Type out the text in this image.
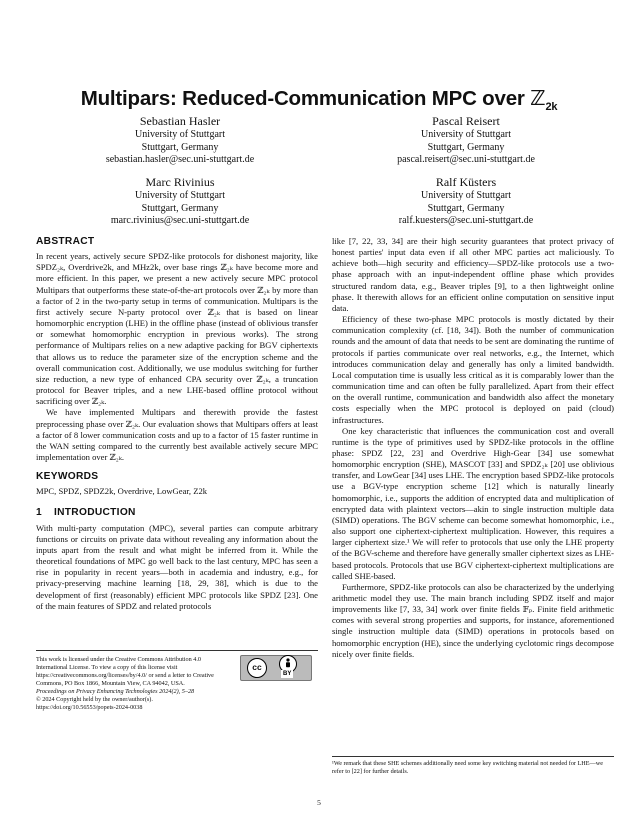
Multipars: Reduced-Communication MPC over ℤ$_{2k}$
Sebastian Hasler
University of Stuttgart
Stuttgart, Germany
sebastian.hasler@sec.uni-stuttgart.de
Pascal Reisert
University of Stuttgart
Stuttgart, Germany
pascal.reisert@sec.uni-stuttgart.de
Marc Rivinius
University of Stuttgart
Stuttgart, Germany
marc.rivinius@sec.uni-stuttgart.de
Ralf Küsters
University of Stuttgart
Stuttgart, Germany
ralf.kuesters@sec.uni-stuttgart.de
ABSTRACT

In recent years, actively secure SPDZ-like protocols for dishonest majority, like SPDZ₂ₖ, Overdrive2k, and MHz2k, over base rings ℤ₂ₖ have become more and more efficient. In this paper, we present a new actively secure MPC protocol Multipars that outperforms these state-of-the-art protocols over ℤ₂ₖ by more than a factor of 2 in the two-party setup in terms of communication. Multipars is the first actively secure N-party protocol over ℤ₂ₖ that is based on linear homomorphic encryption (LHE) in the offline phase (instead of oblivious transfer or somewhat homomorphic encryption in previous works). The strong performance of Multipars relies on a new adaptive packing for BGV ciphertexts that allows us to reduce the parameter size of the encryption scheme and the overall communication cost. Additionally, we use modulus switching for further size reduction, a new type of enhanced CPA security over ℤ₂ₖ, a truncation protocol for Beaver triples, and a new LHE-based offline protocol without sacrificing over ℤ₂ₖ.

We have implemented Multipars and therewith provide the fastest preprocessing phase over ℤ₂ₖ. Our evaluation shows that Multipars offers at least a factor of 8 lower communication costs and up to a factor of 15 faster runtime in the WAN setting compared to the currently best available actively secure MPC implementation over ℤ₂ₖ.

KEYWORDS

MPC, SPDZ, SPDZ2k, Overdrive, LowGear, Z2k

1 INTRODUCTION

With multi-party computation (MPC), several parties can compute arbitrary functions or circuits on private data without revealing any information about the inputs apart from the result and what might be inferred from it. While the theoretical foundations of MPC go well back to the last century, MPC has seen a rise in popularity in recent years—both in academia and industry, e.g., for privacy-preserving machine learning [18, 29, 38], which is due to the development of first (reasonably) efficient MPC protocols like SPDZ [23]. One of the main features of SPDZ and related protocols

like [7, 22, 33, 34] are their high security guarantees that protect privacy of honest parties' input data even if all other MPC parties act maliciously. To achieve both—high security and efficiency—SPDZ-like protocols use a two-phase approach with an input-independent offline phase which provides structured random data, e.g., Beaver triples [9], to a then lightweight online phase. It therewith allows for an efficient online computation on sensitive input data.

Efficiency of these two-phase MPC protocols is mostly dictated by their communication complexity (cf. [18, 34]). Both the number of communication rounds and the amount of data that needs to be sent are dominating the runtime of protocols if parties communicate over real networks, e.g., the Internet, which introduces communication delay and generally has only a limited bandwidth. Local computation time is usually less critical as it is comparably lower than the communication time and can often be fully parallelized. Apart from their effect on the overall runtime, communication and bandwidth also affect the monetary costs especially when the MPC protocol is deployed on paid (cloud) infrastructures.

One key characteristic that influences the communication cost and overall runtime is the type of primitives used by SPDZ-like protocols in the offline phase: SPDZ [22, 23] and Overdrive High-Gear [34] use somewhat homomorphic encryption (SHE), MASCOT [33] and SPDZ₂ₖ [20] use oblivious transfer, and LowGear [34] uses LHE. The encryption based SPDZ-like protocols use a BGV-type encryption scheme [12] which is naturally linearly homomorphic, i.e., supports the addition of encrypted data and multiplication of encrypted data with plaintext vectors—akin to single instruction multiple data (SIMD) operations. The BGV scheme can become somewhat homomorphic, i.e., also support one ciphertext-ciphertext multiplication. However, this requires a larger ciphertext size.¹ We will refer to protocols that use only the LHE property of the BGV-scheme and therefore have generally smaller ciphertext sizes as LHE-based protocols. Protocols that use BGV ciphertext-ciphertext multiplications are called SHE-based.

Furthermore, SPDZ-like protocols can also be characterized by the underlying arithmetic model they use. The main branch including SPDZ itself and major improvements like [7, 33, 34] work over finite fields 𝔽ₚ. Finite field arithmetic comes with several strong properties and supports, for instance, aforementioned single instruction multiple data (SIMD) operations in protocols based on homomorphic encryption (HE), since the underlying cyclotomic rings decompose nicely over finite fields.

This work is licensed under the Creative Commons Attribution 4.0 International License. To view a copy of this license visit https://creativecommons.org/licenses/by/4.0/ or send a letter to Creative Commons, PO Box 1866, Mountain View, CA 94042, USA.
cc
BY
Proceedings on Privacy Enhancing Technologies 2024(2), 5–28
© 2024 Copyright held by the owner/author(s).
https://doi.org/10.56553/popets-2024-0038
¹We remark that these SHE schemes additionally need some key switching material not needed for LHE—we refer to [22] for further details.
5
